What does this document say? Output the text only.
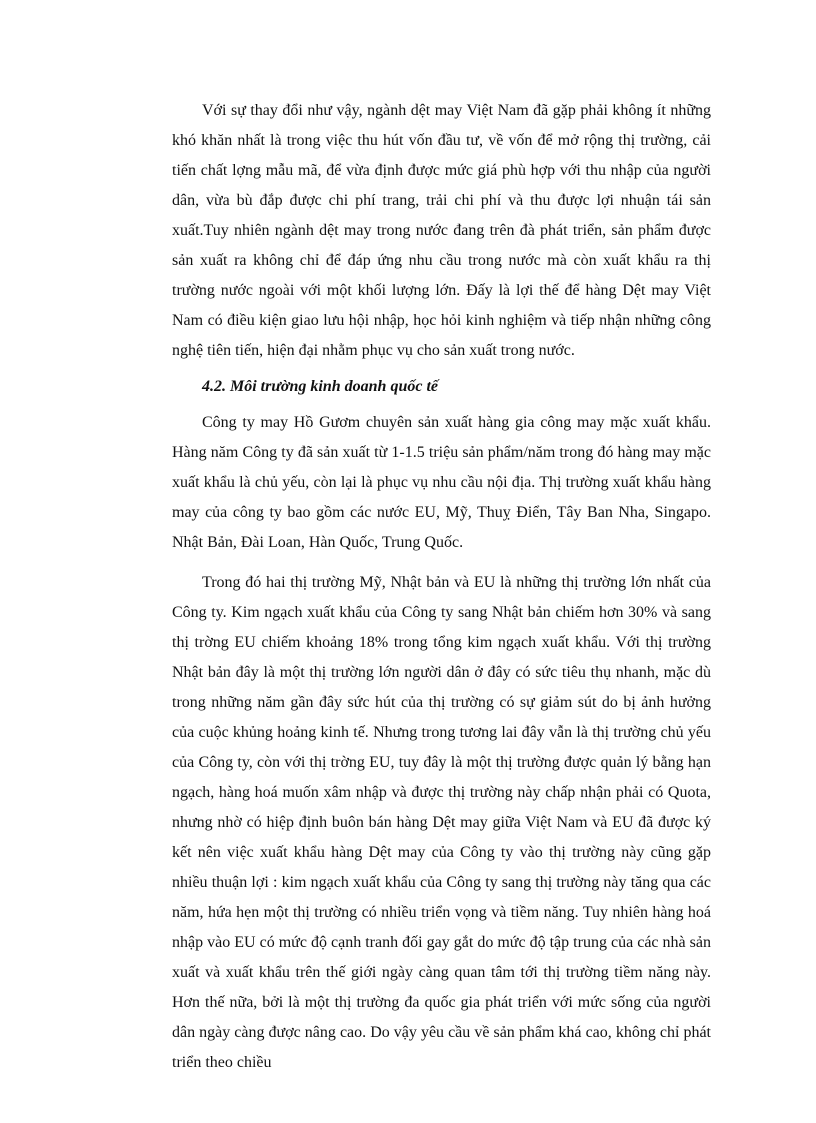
Với sự thay đổi như vậy, ngành dệt may Việt Nam đã gặp phải không ít những khó khăn nhất là trong việc thu hút vốn đầu tư, về vốn để mở rộng thị trường, cải tiến chất lợng mẫu mã, để vừa định được mức giá phù hợp với thu nhập của người dân, vừa bù đắp được chi phí trang, trải chi phí và thu được lợi nhuận tái sản xuất.Tuy nhiên ngành dệt may trong nước đang trên đà phát triển, sản phẩm được sản xuất ra không chỉ để đáp ứng nhu cầu trong nước mà còn xuất khẩu ra thị trường nước ngoài với một khối lượng lớn. Đấy là lợi thế để hàng Dệt may Việt Nam có điều kiện giao lưu hội nhập, học hỏi kinh nghiệm và tiếp nhận những công nghệ tiên tiến, hiện đại nhằm phục vụ cho sản xuất trong nước.

4.2. Môi trường kinh doanh quốc tế

Công ty may Hồ Gươm chuyên sản xuất hàng gia công may mặc xuất khẩu. Hàng năm Công ty đã sản xuất từ 1-1.5 triệu sản phẩm/năm trong đó hàng may mặc xuất khẩu là chủ yếu, còn lại là phục vụ nhu cầu nội địa. Thị trường xuất khẩu hàng may của công ty bao gồm các nước EU, Mỹ, Thuỵ Điển, Tây Ban Nha, Singapo. Nhật Bản, Đài Loan, Hàn Quốc, Trung Quốc.

Trong đó hai thị trường Mỹ, Nhật bản và EU là những thị trường lớn nhất của Công ty. Kim ngạch xuất khẩu của Công ty sang Nhật bản chiếm hơn 30% và sang thị trờng EU chiếm khoảng 18% trong tổng kim ngạch xuất khẩu. Với thị trường Nhật bản đây là một thị trường lớn người dân ở đây có sức tiêu thụ nhanh, mặc dù trong những năm gần đây sức hút của thị trường có sự giảm sút do bị ảnh hưởng của cuộc khủng hoảng kinh tế. Nhưng trong tương lai đây vẫn là thị trường chủ yếu của Công ty, còn với thị trờng EU, tuy đây là một thị trường được quản lý bằng hạn ngạch, hàng hoá muốn xâm nhập và được thị trường này chấp nhận phải có Quota, nhưng nhờ có hiệp định buôn bán hàng Dệt may giữa Việt Nam và EU đã được ký kết nên việc xuất khẩu hàng Dệt may của Công ty vào thị trường này cũng gặp nhiều thuận lợi : kim ngạch xuất khẩu của Công ty sang thị trường này tăng qua các năm, hứa hẹn một thị trường có nhiều triển vọng và tiềm năng. Tuy nhiên hàng hoá nhập vào EU có mức độ cạnh tranh đối gay gắt do mức độ tập trung của các nhà sản xuất và xuất khẩu trên thế giới ngày càng quan tâm tới thị trường tiềm năng này. Hơn thế nữa, bởi là một thị trường đa quốc gia phát triển với mức sống của người dân ngày càng được nâng cao. Do vậy yêu cầu về sản phẩm khá cao, không chỉ phát triển theo chiều
